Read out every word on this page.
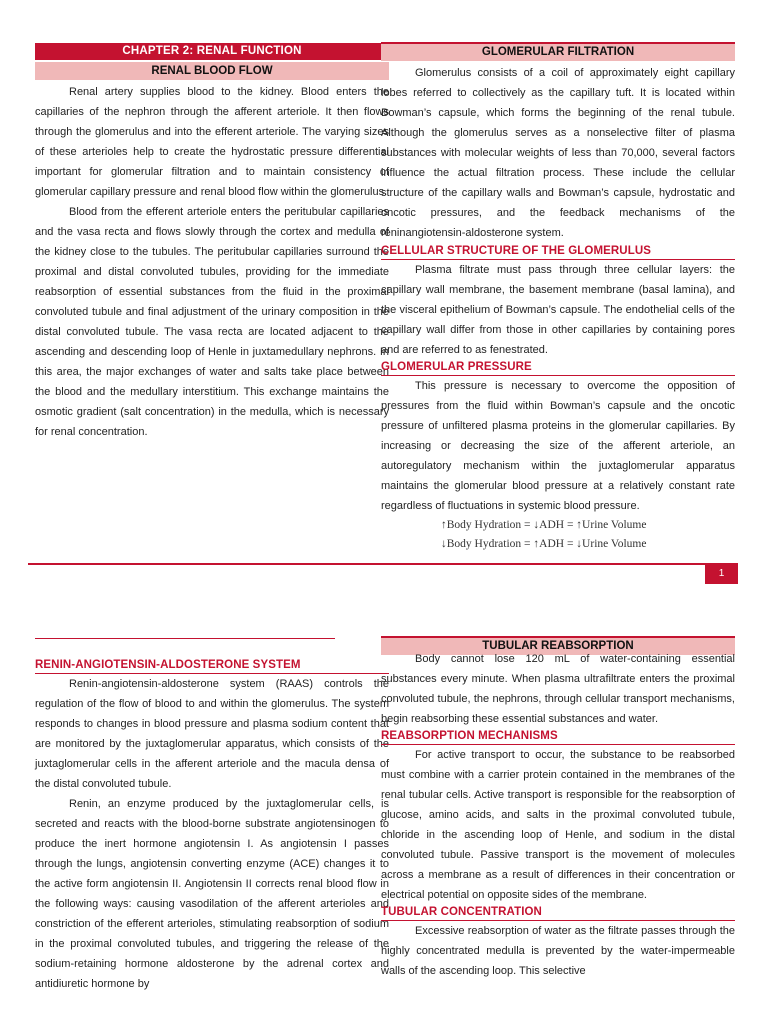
CHAPTER 2: RENAL FUNCTION
RENAL BLOOD FLOW

Renal artery supplies blood to the kidney. Blood enters the capillaries of the nephron through the afferent arteriole. It then flows through the glomerulus and into the efferent arteriole. The varying sizes of these arterioles help to create the hydrostatic pressure differential important for glomerular filtration and to maintain consistency of glomerular capillary pressure and renal blood flow within the glomerulus.

Blood from the efferent arteriole enters the peritubular capillaries and the vasa recta and flows slowly through the cortex and medulla of the kidney close to the tubules. The peritubular capillaries surround the proximal and distal convoluted tubules, providing for the immediate reabsorption of essential substances from the fluid in the proximal convoluted tubule and final adjustment of the urinary composition in the distal convoluted tubule. The vasa recta are located adjacent to the ascending and descending loop of Henle in juxtamedullary nephrons. In this area, the major exchanges of water and salts take place between the blood and the medullary interstitium. This exchange maintains the osmotic gradient (salt concentration) in the medulla, which is necessary for renal concentration.

GLOMERULAR FILTRATION

Glomerulus consists of a coil of approximately eight capillary lobes referred to collectively as the capillary tuft. It is located within Bowman’s capsule, which forms the beginning of the renal tubule. Although the glomerulus serves as a nonselective filter of plasma substances with molecular weights of less than 70,000, several factors influence the actual filtration process. These include the cellular structure of the capillary walls and Bowman’s capsule, hydrostatic and oncotic pressures, and the feedback mechanisms of the reninangiotensin-aldosterone system.

CELLULAR STRUCTURE OF THE GLOMERULUS

Plasma filtrate must pass through three cellular layers: the capillary wall membrane, the basement membrane (basal lamina), and the visceral epithelium of Bowman’s capsule. The endothelial cells of the capillary wall differ from those in other capillaries by containing pores and are referred to as fenestrated.

GLOMERULAR PRESSURE

This pressure is necessary to overcome the opposition of pressures from the fluid within Bowman’s capsule and the oncotic pressure of unfiltered plasma proteins in the glomerular capillaries. By increasing or decreasing the size of the afferent arteriole, an autoregulatory mechanism within the juxtaglomerular apparatus maintains the glomerular blood pressure at a relatively constant rate regardless of fluctuations in systemic blood pressure.

↑Body Hydration = ↓ADH = ↑Urine Volume
↓Body Hydration = ↑ADH = ↓Urine Volume
1
RENIN-ANGIOTENSIN-ALDOSTERONE SYSTEM

Renin-angiotensin-aldosterone system (RAAS) controls the regulation of the flow of blood to and within the glomerulus. The system responds to changes in blood pressure and plasma sodium content that are monitored by the juxtaglomerular apparatus, which consists of the juxtaglomerular cells in the afferent arteriole and the macula densa of the distal convoluted tubule.

Renin, an enzyme produced by the juxtaglomerular cells, is secreted and reacts with the blood-borne substrate angiotensinogen to produce the inert hormone angiotensin I. As angiotensin I passes through the lungs, angiotensin converting enzyme (ACE) changes it to the active form angiotensin II. Angiotensin II corrects renal blood flow in the following ways: causing vasodilation of the afferent arterioles and constriction of the efferent arterioles, stimulating reabsorption of sodium in the proximal convoluted tubules, and triggering the release of the sodium-retaining hormone aldosterone by the adrenal cortex and antidiuretic hormone by

TUBULAR REABSORPTION

Body cannot lose 120 mL of water-containing essential substances every minute. When plasma ultrafiltrate enters the proximal convoluted tubule, the nephrons, through cellular transport mechanisms, begin reabsorbing these essential substances and water.

REABSORPTION MECHANISMS

For active transport to occur, the substance to be reabsorbed must combine with a carrier protein contained in the membranes of the renal tubular cells. Active transport is responsible for the reabsorption of glucose, amino acids, and salts in the proximal convoluted tubule, chloride in the ascending loop of Henle, and sodium in the distal convoluted tubule. Passive transport is the movement of molecules across a membrane as a result of differences in their concentration or electrical potential on opposite sides of the membrane.

TUBULAR CONCENTRATION

Excessive reabsorption of water as the filtrate passes through the highly concentrated medulla is prevented by the water-impermeable walls of the ascending loop. This selective
